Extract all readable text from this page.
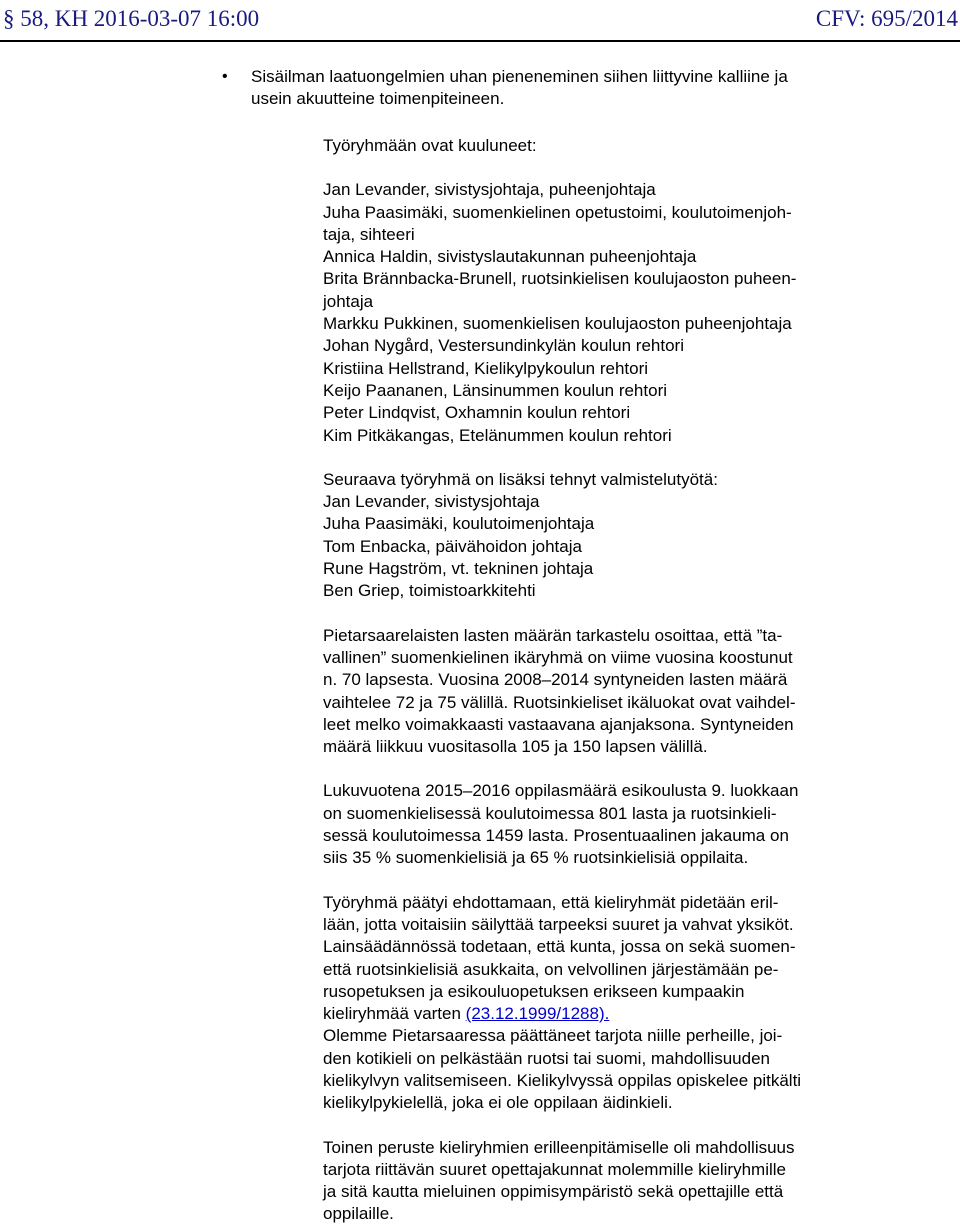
§ 58, KH 2016-03-07 16:00	CFV: 695/2014
• Sisäilman laatuongelmien uhan pieneneminen siihen liittyvine kalliine ja
usein akuutteine toimenpiteineen.
Työryhmään ovat kuuluneet:
Jan Levander, sivistysjohtaja, puheenjohtaja
Juha Paasimäki, suomenkielinen opetustoimi, koulutoimenjoh-
taja, sihteeri
Annica Haldin, sivistyslautakunnan puheenjohtaja
Brita Brännbacka-Brunell, ruotsinkielisen koulujaoston puheen-
johtaja
Markku Pukkinen, suomenkielisen koulujaoston puheenjohtaja
Johan Nygård, Vestersundinkylän koulun rehtori
Kristiina Hellstrand, Kielikylpykoulun rehtori
Keijo Paananen, Länsinummen koulun rehtori
Peter Lindqvist, Oxhamnin koulun rehtori
Kim Pitkäkangas, Etelänummen koulun rehtori
Seuraava työryhmä on lisäksi tehnyt valmistelutyötä:
Jan Levander, sivistysjohtaja
Juha Paasimäki, koulutoimenjohtaja
Tom Enbacka, päivähoidon johtaja
Rune Hagström, vt. tekninen johtaja
Ben Griep, toimistoarkkitehti
Pietarsaarelaisten lasten määrän tarkastelu osoittaa, että ”ta-
vallinen” suomenkielinen ikäryhmä on viime vuosina koostunut
n. 70 lapsesta. Vuosina 2008–2014 syntyneiden lasten määrä
vaihtelee 72 ja 75 välillä. Ruotsinkieliset ikäluokat ovat vaihdel-
leet melko voimakkaasti vastaavana ajanjaksona. Syntyneiden
määrä liikkuu vuositasolla 105 ja 150 lapsen välillä.
Lukuvuotena 2015–2016 oppilasmäärä esikoulusta 9. luokkaan
on suomenkielisessä koulutoimessa 801 lasta ja ruotsinkieli-
sessä koulutoimessa 1459 lasta. Prosentuaalinen jakauma on
siis 35 % suomenkielisiä ja 65 % ruotsinkielisiä oppilaita.
Työryhmä päätyi ehdottamaan, että kieliryhmät pidetään eril-
lään, jotta voitaisiin säilyttää tarpeeksi suuret ja vahvat yksiköt.
Lainsäädännössä todetaan, että kunta, jossa on sekä suomen-
että ruotsinkielisiä asukkaita, on velvollinen järjestämään pe-
rusopetuksen ja esikouluopetuksen erikseen kumpaakin
kieliryhmää varten (23.12.1999/1288).
Olemme Pietarsaaressa päättäneet tarjota niille perheille, joi-
den kotikieli on pelkästään ruotsi tai suomi, mahdollisuuden
kielikylvyn valitsemiseen. Kielikylvyssä oppilas opiskelee pitkälti
kielikylpykielellä, joka ei ole oppilaan äidinkieli.
Toinen peruste kieliryhmien erilleenpitämiselle oli mahdollisuus
tarjota riittävän suuret opettajakunnat molemmille kieliryhmille
ja sitä kautta mieluinen oppimisympäristö sekä opettajille että
oppilaille.
